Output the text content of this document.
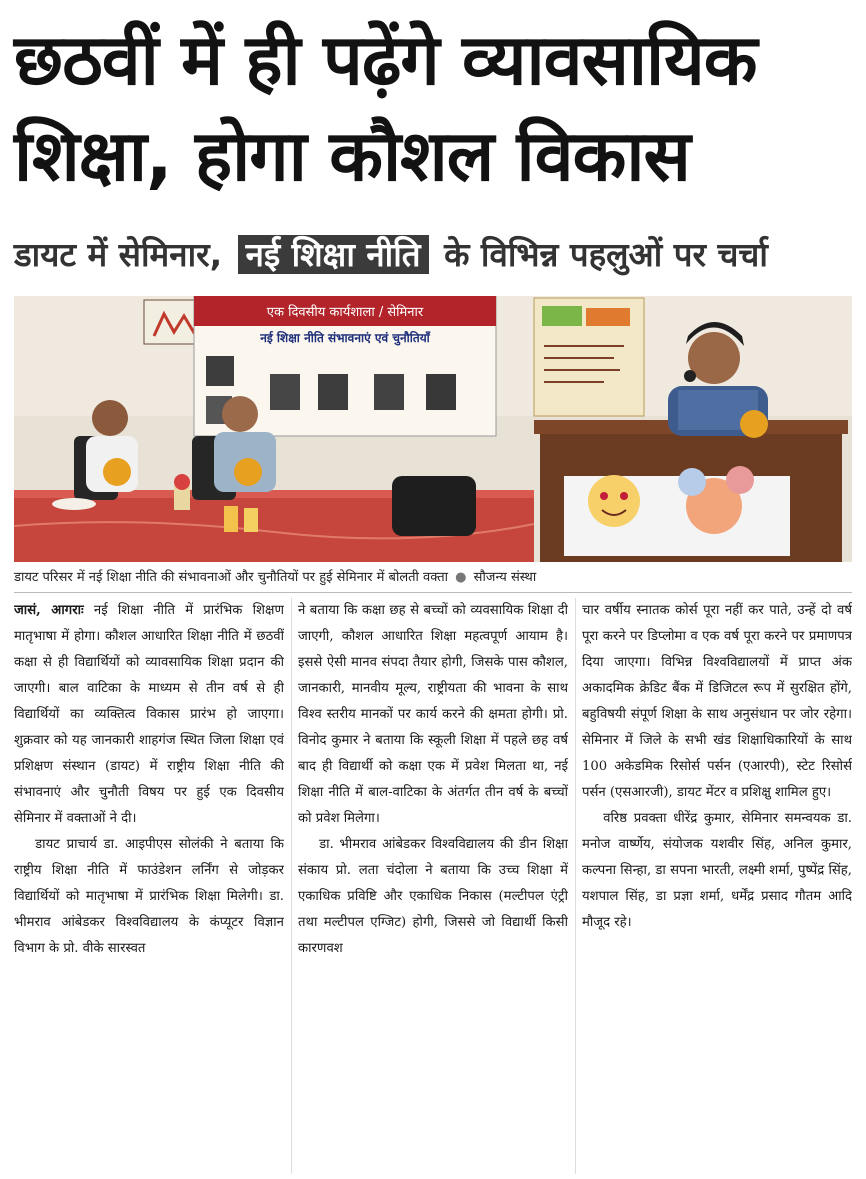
छठवीं में ही पढ़ेंगे व्यावसायिक शिक्षा, होगा कौशल विकास
डायट में सेमिनार, नई शिक्षा नीति के विभिन्न पहलुओं पर चर्चा
एक दिवसीय कार्यशाला / सेमिनार
नई शिक्षा नीति संभावनाएं एवं चुनौतियाँ
डायट परिसर में नई शिक्षा नीति की संभावनाओं और चुनौतियों पर हुई सेमिनार में बोलती वक्ता ● सौजन्य संस्था

जासं, आगराः नई शिक्षा नीति में प्रारंभिक शिक्षण मातृभाषा में होगा। कौशल आधारित शिक्षा नीति में छठवीं कक्षा से ही विद्यार्थियों को व्यावसायिक शिक्षा प्रदान की जाएगी। बाल वाटिका के माध्यम से तीन वर्ष से ही विद्यार्थियों का व्यक्तित्व विकास प्रारंभ हो जाएगा। शुक्रवार को यह जानकारी शाहगंज स्थित जिला शिक्षा एवं प्रशिक्षण संस्थान (डायट) में राष्ट्रीय शिक्षा नीति की संभावनाएं और चुनौती विषय पर हुई एक दिवसीय सेमिनार में वक्ताओं ने दी।

डायट प्राचार्य डा. आइपीएस सोलंकी ने बताया कि राष्ट्रीय शिक्षा नीति में फाउंडेशन लर्निंग से जोड़कर विद्यार्थियों को मातृभाषा में प्रारंभिक शिक्षा मिलेगी। डा. भीमराव आंबेडकर विश्वविद्यालय के कंप्यूटर विज्ञान विभाग के प्रो. वीके सारस्वत

ने बताया कि कक्षा छह से बच्चों को व्यवसायिक शिक्षा दी जाएगी, कौशल आधारित शिक्षा महत्वपूर्ण आयाम है। इससे ऐसी मानव संपदा तैयार होगी, जिसके पास कौशल, जानकारी, मानवीय मूल्य, राष्ट्रीयता की भावना के साथ विश्व स्तरीय मानकों पर कार्य करने की क्षमता होगी। प्रो. विनोद कुमार ने बताया कि स्कूली शिक्षा में पहले छह वर्ष बाद ही विद्यार्थी को कक्षा एक में प्रवेश मिलता था, नई शिक्षा नीति में बाल-वाटिका के अंतर्गत तीन वर्ष के बच्चों को प्रवेश मिलेगा।

डा. भीमराव आंबेडकर विश्वविद्यालय की डीन शिक्षा संकाय प्रो. लता चंदोला ने बताया कि उच्च शिक्षा में एकाधिक प्रविष्टि और एकाधिक निकास (मल्टीपल एंट्री तथा मल्टीपल एग्जिट) होगी, जिससे जो विद्यार्थी किसी कारणवश

चार वर्षीय स्नातक कोर्स पूरा नहीं कर पाते, उन्हें दो वर्ष पूरा करने पर डिप्लोमा व एक वर्ष पूरा करने पर प्रमाणपत्र दिया जाएगा। विभिन्न विश्वविद्यालयों में प्राप्त अंक अकादमिक क्रेडिट बैंक में डिजिटल रूप में सुरक्षित होंगे, बहुविषयी संपूर्ण शिक्षा के साथ अनुसंधान पर जोर रहेगा। सेमिनार में जिले के सभी खंड शिक्षाधिकारियों के साथ 100 अकेडमिक रिसोर्स पर्सन (एआरपी), स्टेट रिसोर्स पर्सन (एसआरजी), डायट मेंटर व प्रशिक्षु शामिल हुए।

वरिष्ठ प्रवक्ता धीरेंद्र कुमार, सेमिनार समन्वयक डा. मनोज वार्ष्णेय, संयोजक यशवीर सिंह, अनिल कुमार, कल्पना सिन्हा, डा सपना भारती, लक्ष्मी शर्मा, पुष्पेंद्र सिंह, यशपाल सिंह, डा प्रज्ञा शर्मा, धर्मेंद्र प्रसाद गौतम आदि मौजूद रहे।
